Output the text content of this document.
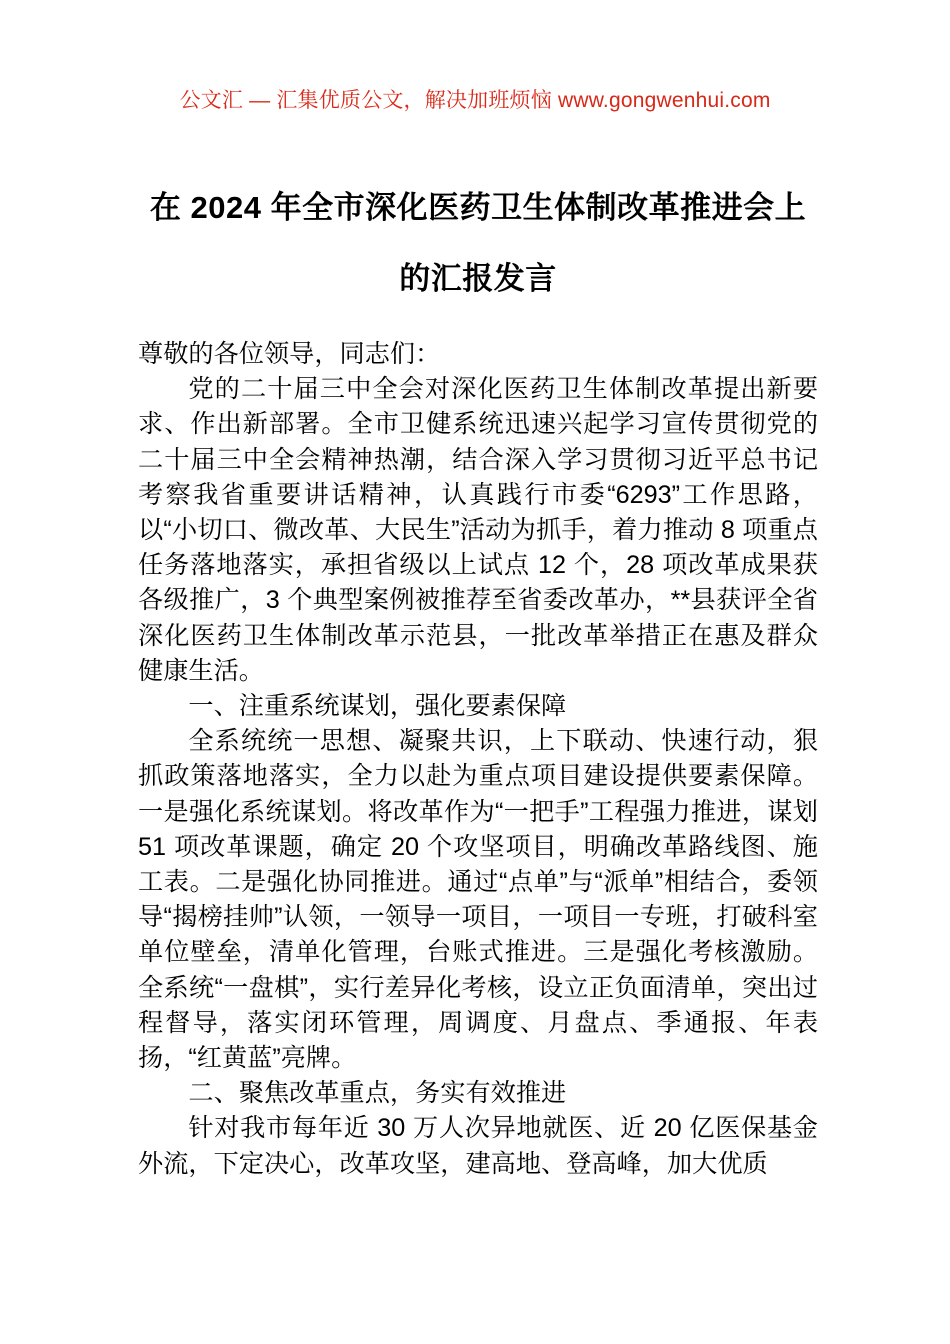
公文汇 — 汇集优质公文，解决加班烦恼 www.gongwenhui.com
在 2024 年全市深化医药卫生体制改革推进会上的汇报发言

尊敬的各位领导，同志们：

党的二十届三中全会对深化医药卫生体制改革提出新要求、作出新部署。全市卫健系统迅速兴起学习宣传贯彻党的二十届三中全会精神热潮，结合深入学习贯彻习近平总书记考察我省重要讲话精神，认真践行市委“6293”工作思路，以“小切口、微改革、大民生”活动为抓手，着力推动 8 项重点任务落地落实，承担省级以上试点 12 个，28 项改革成果获各级推广，3 个典型案例被推荐至省委改革办，**县获评全省深化医药卫生体制改革示范县，一批改革举措正在惠及群众健康生活。

一、注重系统谋划，强化要素保障

全系统统一思想、凝聚共识，上下联动、快速行动，狠抓政策落地落实，全力以赴为重点项目建设提供要素保障。一是强化系统谋划。将改革作为“一把手”工程强力推进，谋划 51 项改革课题，确定 20 个攻坚项目，明确改革路线图、施工表。二是强化协同推进。通过“点单”与“派单”相结合，委领导“揭榜挂帅”认领，一领导一项目，一项目一专班，打破科室单位壁垒，清单化管理，台账式推进。三是强化考核激励。全系统“一盘棋”，实行差异化考核，设立正负面清单，突出过程督导，落实闭环管理，周调度、月盘点、季通报、年表扬，“红黄蓝”亮牌。

二、聚焦改革重点，务实有效推进

针对我市每年近 30 万人次异地就医、近 20 亿医保基金外流，下定决心，改革攻坚，建高地、登高峰，加大优质
